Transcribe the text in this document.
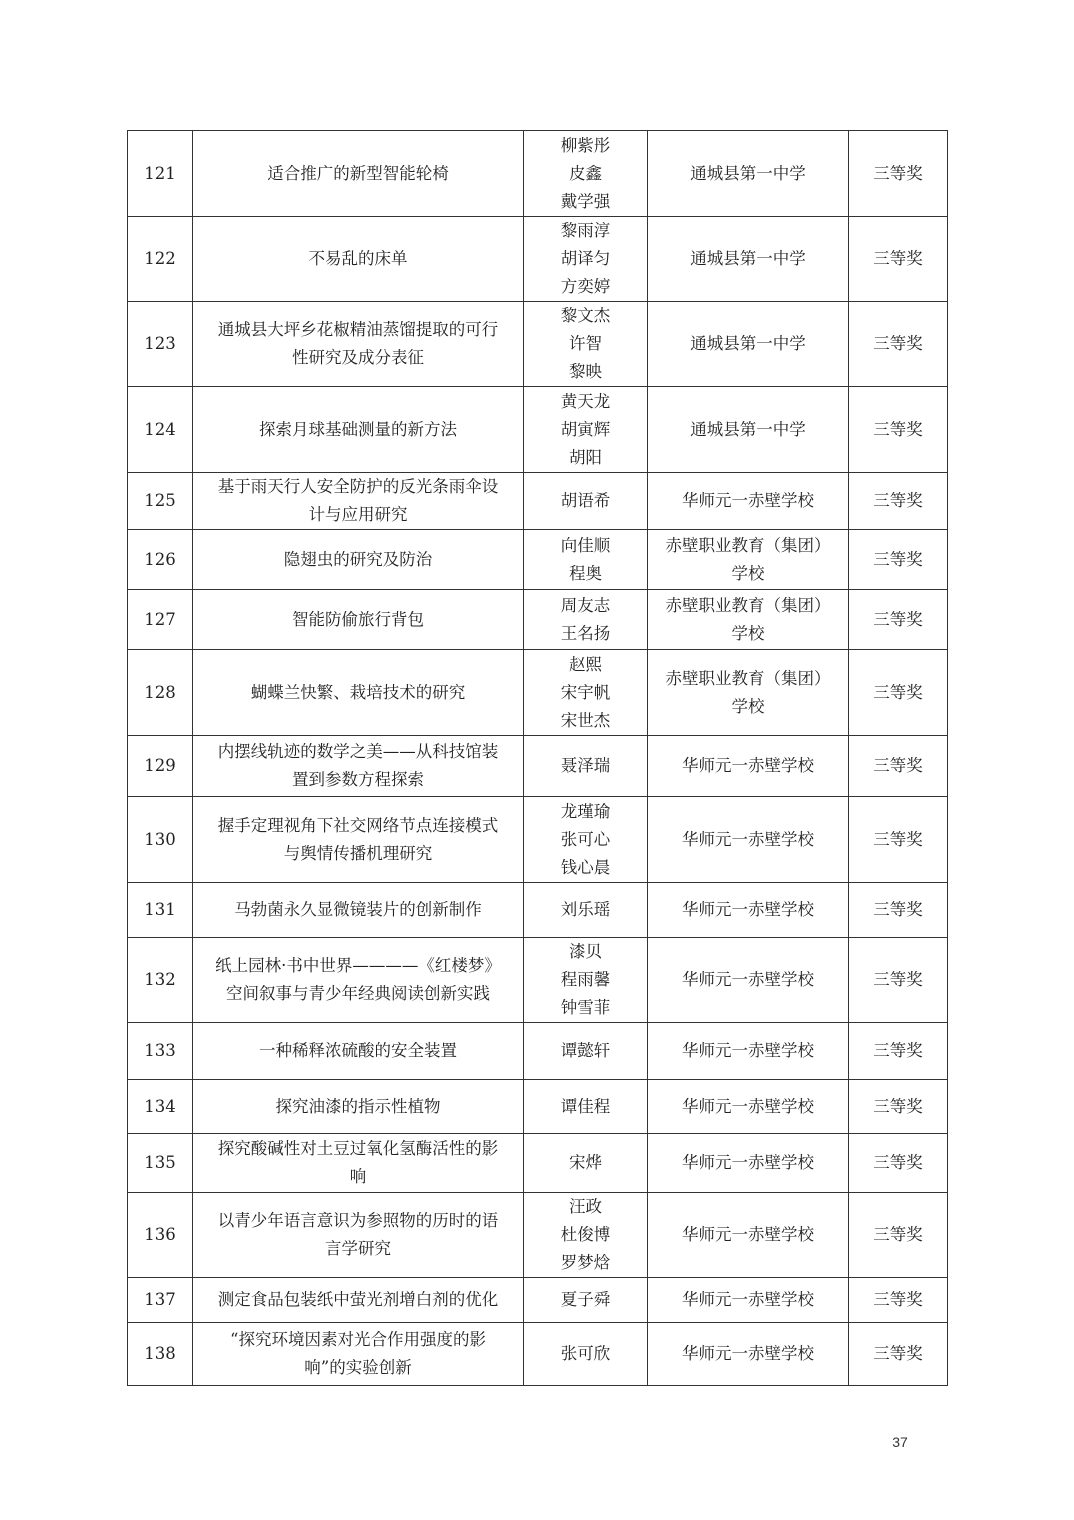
121	适合推广的新型智能轮椅	柳紫彤
皮鑫
戴学强	通城县第一中学	三等奖
122	不易乱的床单	黎雨淳
胡译匀
方奕婷	通城县第一中学	三等奖
123	通城县大坪乡花椒精油蒸馏提取的可行
性研究及成分表征	黎文杰
许智
黎映	通城县第一中学	三等奖
124	探索月球基础测量的新方法	黄天龙
胡寅辉
胡阳	通城县第一中学	三等奖
125	基于雨天行人安全防护的反光条雨伞设
计与应用研究	胡语希	华师元一赤壁学校	三等奖
126	隐翅虫的研究及防治	向佳顺
程奥	赤壁职业教育（集团）
学校	三等奖
127	智能防偷旅行背包	周友志
王名扬	赤壁职业教育（集团）
学校	三等奖
128	蝴蝶兰快繁、栽培技术的研究	赵熙
宋宇帆
宋世杰	赤壁职业教育（集团）
学校	三等奖
129	内摆线轨迹的数学之美——从科技馆装
置到参数方程探索	聂泽瑞	华师元一赤壁学校	三等奖
130	握手定理视角下社交网络节点连接模式
与舆情传播机理研究	龙瑾瑜
张可心
钱心晨	华师元一赤壁学校	三等奖
131	马勃菌永久显微镜装片的创新制作	刘乐瑶	华师元一赤壁学校	三等奖
132	纸上园林·书中世界————《红楼梦》
空间叙事与青少年经典阅读创新实践	漆贝
程雨馨
钟雪菲	华师元一赤壁学校	三等奖
133	一种稀释浓硫酸的安全装置	谭懿轩	华师元一赤壁学校	三等奖
134	探究油漆的指示性植物	谭佳程	华师元一赤壁学校	三等奖
135	探究酸碱性对土豆过氧化氢酶活性的影
响	宋烨	华师元一赤壁学校	三等奖
136	以青少年语言意识为参照物的历时的语
言学研究	汪政
杜俊博
罗梦焓	华师元一赤壁学校	三等奖
137	测定食品包装纸中萤光剂增白剂的优化	夏子舜	华师元一赤壁学校	三等奖
138	“探究环境因素对光合作用强度的影
响”的实验创新	张可欣	华师元一赤壁学校	三等奖
37
